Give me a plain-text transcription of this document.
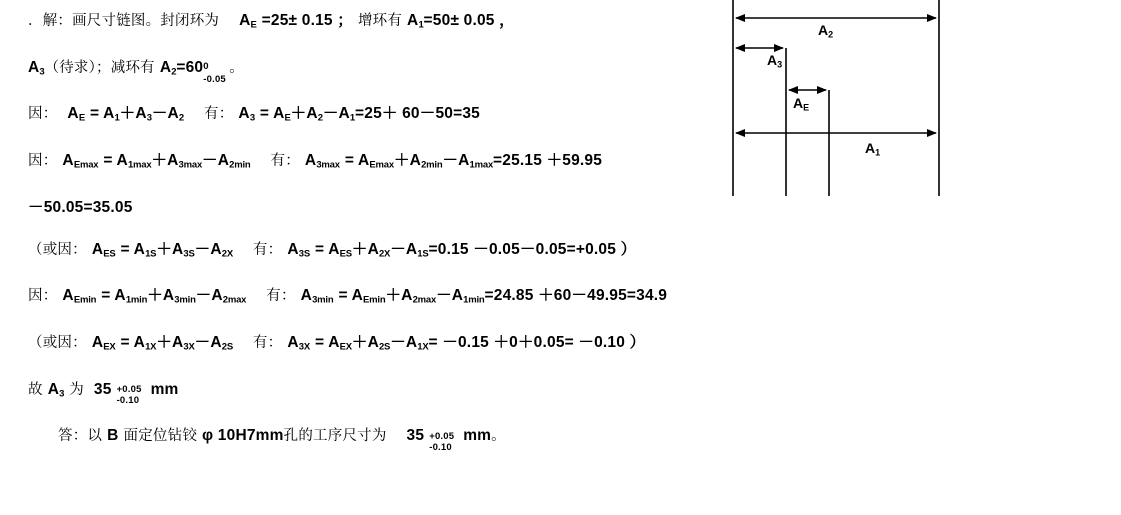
．解：画尺寸链图。封闭环为 $A_E =25\pm 0.15$ ； 增环有 $A_1=50\pm 0.05$ ，
$A_3$（待求）；减环有 $A_2=60$ 0
-0.05
。
因： $A_E = A_1+A_3-A_2$ 有： $A_3 = A_E+A_2-A_1=25+ 60-50=35$
因： $A_{Emax} = A_{1max}+A_{3max}-A_{2min}$ 有： $A_{3max} = A_{Emax}+A_{2min}-A_{1max}=25.15 +59.95$
－50.05=35.05
（或因： $A_{ES} = A_{1S}+A_{3S}-A_{2X}$ 有： $A_{3S} = A_{ES}+A_{2X}-A_{1S}=0.15 -0.05-0.05=+0.05$ ）
因： $A_{Emin} = A_{1min}+A_{3min}-A_{2max}$ 有： $A_{3min} = A_{Emin}+A_{2max}-A_{1min}=24.85 +60-49.95=34.9$
（或因： $A_{EX} = A_{1X}+A_{3X}-A_{2S}$ 有： $A_{3X} = A_{EX}+A_{2S}-A_{1X}= -0.15 +0+0.05= -0.10$ ）
故 $A_3$ 为 35 +0.05
-0.10
mm
答：以 B 面定位钻铰 φ 10H7mm孔的工序尺寸为 35 +0.05
-0.10
mm。
$A_2$
$A_3$
$A_E$
$A_1$
